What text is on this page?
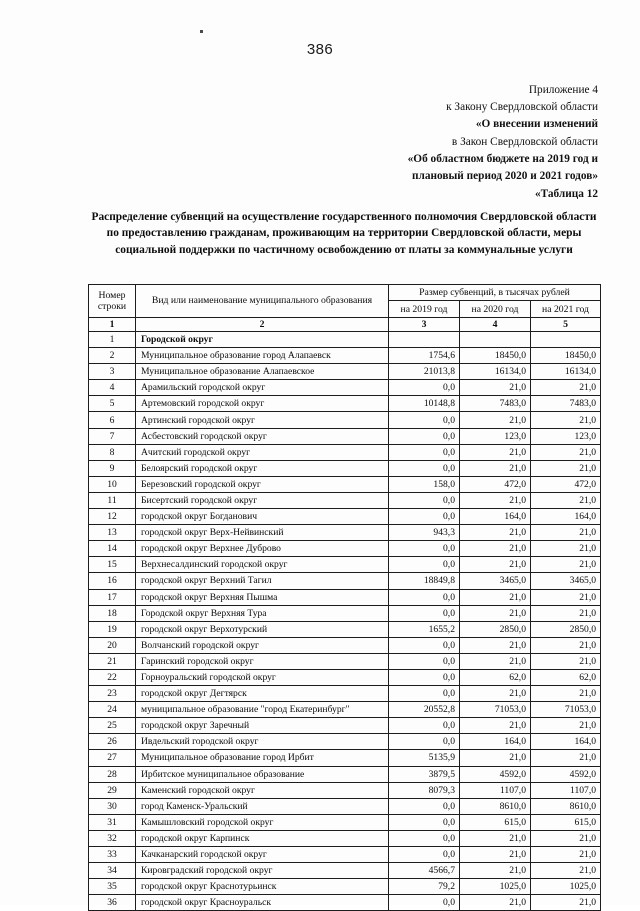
386
Приложение 4
к Закону Свердловской области
«О внесении изменений
в Закон Свердловской области
«Об областном бюджете на 2019 год и
плановый период 2020 и 2021 годов»
«Таблица 12
Распределение субвенций на осуществление государственного полномочия Свердловской области по предоставлению гражданам, проживающим на территории Свердловской области, меры социальной поддержки по частичному освобождению от платы за коммунальные услуги
Номер строки	Вид или наименование муниципального образования	Размер субвенций, в тысячах рублей		
		на 2019 год	на 2020 год	на 2021 год
1	2	3	4	5
1	Городской округ			
2	Муниципальное образование город Алапаевск	1754,6	18450,0	18450,0
3	Муниципальное образование Алапаевское	21013,8	16134,0	16134,0
4	Арамильский городской округ	0,0	21,0	21,0
5	Артемовский городской округ	10148,8	7483,0	7483,0
6	Артинский городской округ	0,0	21,0	21,0
7	Асбестовский городской округ	0,0	123,0	123,0
8	Ачитский городской округ	0,0	21,0	21,0
9	Белоярский городской округ	0,0	21,0	21,0
10	Березовский городской округ	158,0	472,0	472,0
11	Бисертский городской округ	0,0	21,0	21,0
12	городской округ Богданович	0,0	164,0	164,0
13	городской округ Верх-Нейвинский	943,3	21,0	21,0
14	городской округ Верхнее Дуброво	0,0	21,0	21,0
15	Верхнесалдинский городской округ	0,0	21,0	21,0
16	городской округ Верхний Тагил	18849,8	3465,0	3465,0
17	городской округ Верхняя Пышма	0,0	21,0	21,0
18	Городской округ Верхняя Тура	0,0	21,0	21,0
19	городской округ Верхотурский	1655,2	2850,0	2850,0
20	Волчанский городской округ	0,0	21,0	21,0
21	Гаринский городской округ	0,0	21,0	21,0
22	Горноуральский городской округ	0,0	62,0	62,0
23	городской округ Дегтярск	0,0	21,0	21,0
24	муниципальное образование "город Екатеринбург"	20552,8	71053,0	71053,0
25	городской округ Заречный	0,0	21,0	21,0
26	Ивдельский городской округ	0,0	164,0	164,0
27	Муниципальное образование город Ирбит	5135,9	21,0	21,0
28	Ирбитское муниципальное образование	3879,5	4592,0	4592,0
29	Каменский городской округ	8079,3	1107,0	1107,0
30	город Каменск-Уральский	0,0	8610,0	8610,0
31	Камышловский городской округ	0,0	615,0	615,0
32	городской округ Карпинск	0,0	21,0	21,0
33	Качканарский городской округ	0,0	21,0	21,0
34	Кировградский городской округ	4566,7	21,0	21,0
35	городской округ Краснотурьинск	79,2	1025,0	1025,0
36	городской округ Красноуральск	0,0	21,0	21,0
